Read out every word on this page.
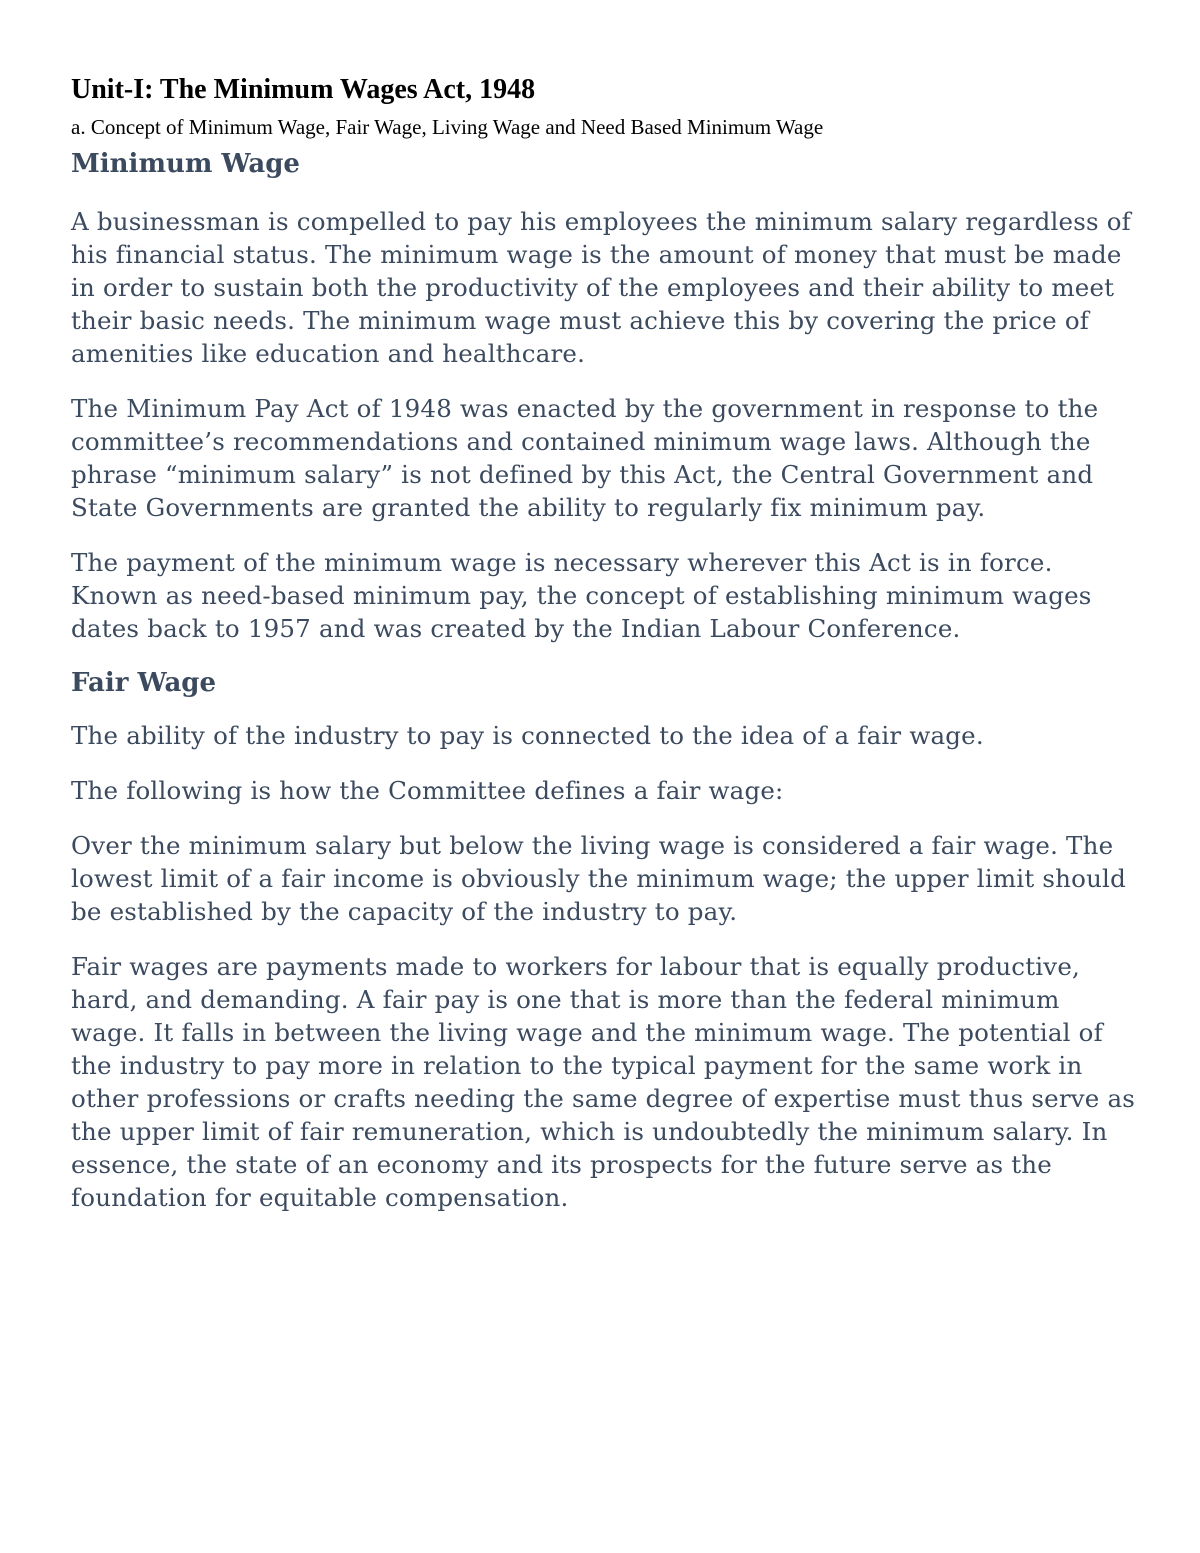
Unit-I: The Minimum Wages Act, 1948

a. Concept of Minimum Wage, Fair Wage, Living Wage and Need Based Minimum Wage

Minimum Wage

A businessman is compelled to pay his employees the minimum salary regardless of his financial status. The minimum wage is the amount of money that must be made in order to sustain both the productivity of the employees and their ability to meet their basic needs. The minimum wage must achieve this by covering the price of amenities like education and healthcare.

The Minimum Pay Act of 1948 was enacted by the government in response to the committee’s recommendations and contained minimum wage laws. Although the phrase “minimum salary” is not defined by this Act, the Central Government and State Governments are granted the ability to regularly fix minimum pay.

The payment of the minimum wage is necessary wherever this Act is in force. Known as need-based minimum pay, the concept of establishing minimum wages dates back to 1957 and was created by the Indian Labour Conference.

Fair Wage

The ability of the industry to pay is connected to the idea of a fair wage.

The following is how the Committee defines a fair wage:

Over the minimum salary but below the living wage is considered a fair wage. The lowest limit of a fair income is obviously the minimum wage; the upper limit should be established by the capacity of the industry to pay.

Fair wages are payments made to workers for labour that is equally productive, hard, and demanding. A fair pay is one that is more than the federal minimum wage. It falls in between the living wage and the minimum wage. The potential of the industry to pay more in relation to the typical payment for the same work in other professions or crafts needing the same degree of expertise must thus serve as the upper limit of fair remuneration, which is undoubtedly the minimum salary. In essence, the state of an economy and its prospects for the future serve as the foundation for equitable compensation.
